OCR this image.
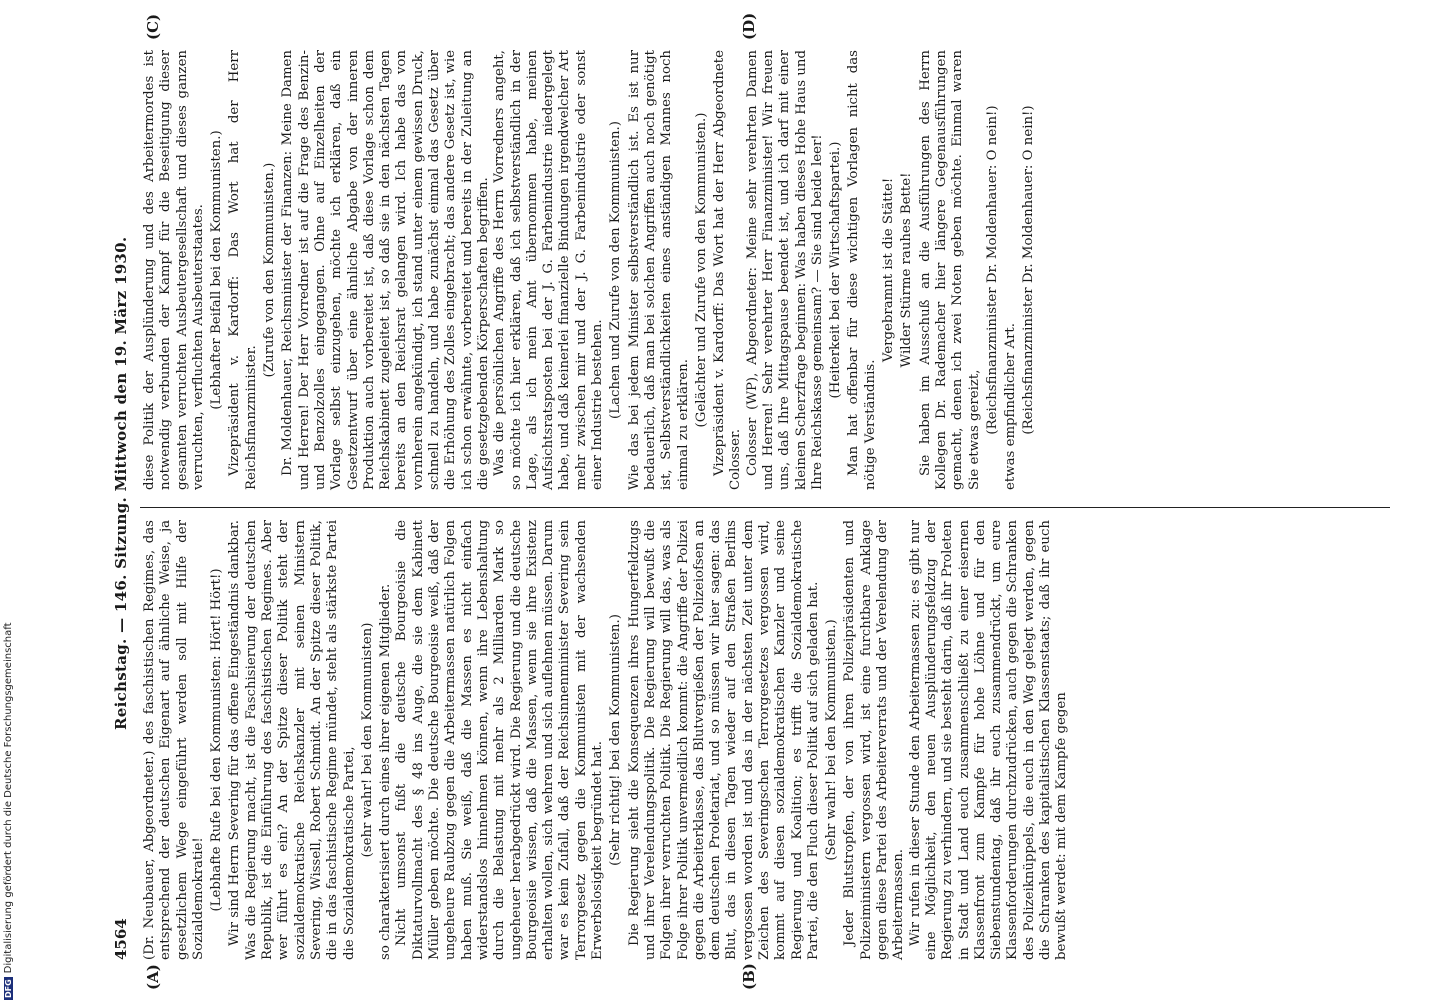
4564
Reichstag. — 146. Sitzung. Mittwoch den 19. März 1930.
(A)	(B)
(C)	(D)

(Dr. Neubauer, Abgeordneter.) des faschistischen Regimes, das entsprechend der deutschen Eigenart auf ähnliche Weise, ja gesetzlichem Wege eingeführt werden soll mit Hilfe der Sozialdemokratie! (Lebhafte Rufe bei den Kommunisten: Hört! Hört!) Wir sind Herrn Severing für das offene Eingeständnis dankbar. Was die Regierung macht, ist die Faschisierung der deutschen Republik, ist die Einführung des faschistischen Regimes. Aber wer führt es ein? An der Spitze dieser Politik steht der sozialdemokratische Reichskanzler mit seinen Ministern Severing, Wissell, Robert Schmidt. An der Spitze dieser Politik, die in das faschistische Regime mündet, steht als stärkste Partei die Sozialdemokratische Partei, (sehr wahr! bei den Kommunisten) so charakterisiert durch eines ihrer eigenen Mitglieder. Nicht umsonst fußt die deutsche Bourgeoisie die Diktaturvollmacht des § 48 ins Auge, die sie dem Kabinett Müller geben möchte. Die deutsche Bourgeoisie weiß, daß der ungeheure Raubzug gegen die Arbeitermassen natürlich Folgen haben muß. Sie weiß, daß die Massen es nicht einfach widerstandslos hinnehmen können, wenn ihre Lebenshaltung durch die Belastung mit mehr als 2 Milliarden Mark so ungeheuer herabgedrückt wird. Die Regierung und die deutsche Bourgeoisie wissen, daß die Massen, wenn sie ihre Existenz erhalten wollen, sich wehren und sich auflehnen müssen. Darum war es kein Zufall, daß der Reichsinnenminister Severing sein Terrorgesetz gegen die Kommunisten mit der wachsenden Erwerbslosigkeit begründet hat. (Sehr richtig! bei den Kommunisten.) Die Regierung sieht die Konsequenzen ihres Hungerfeldzugs und ihrer Verelendungspolitik. Die Regierung will bewußt die Folgen ihrer verruchten Politik. Die Regierung will das, was als Folge ihrer Politik unvermeidlich kommt: die Angriffe der Polizei gegen die Arbeiterklasse, das Blutvergießen der Polizeiofsen an dem deutschen Proletariat, und so müssen wir hier sagen: das Blut, das in diesen Tagen wieder auf den Straßen Berlins vergossen worden ist und das in der nächsten Zeit unter dem Zeichen des Severingschen Terrorgesetzes vergossen wird, kommt auf diesen sozialdemokratischen Kanzler und seine Regierung und Koalition; es trifft die Sozialdemokratische Partei, die den Fluch dieser Politik auf sich geladen hat. (Sehr wahr! bei den Kommunisten.) Jeder Blutstropfen, der von ihren Polizeipräsidenten und Polizeiministern vergossen wird, ist eine furchtbare Anklage gegen diese Partei des Arbeiterverrats und der Verelendung der Arbeitermassen. Wir rufen in dieser Stunde den Arbeitermassen zu: es gibt nur eine Möglichkeit, den neuen Ausplünderungsfeldzug der Regierung zu verhindern, und sie besteht darin, daß ihr Proleten in Stadt und Land euch zusammenschließt zu einer eisernen Klassenfront zum Kampfe für hohe Löhne und für den Siebenstundentag, daß ihr euch zusammendrückt, um eure Klassenforderungen durchzudrücken, auch gegen die Schranken des Polizeiknüppels, die euch in den Weg gelegt werden, gegen die Schranken des kapitalistischen Klassenstaats; daß ihr euch bewußt werdet: mit dem Kampfe gegen

diese Politik der Ausplünderung und des Arbeitermordes ist notwendig verbunden der Kampf für die Beseitigung dieser gesamten verruchten Ausbeutergesellschaft und dieses ganzen verruchten, verfluchten Ausbeuterstaates. (Lebhafter Beifall bei den Kommunisten.) Vizepräsident v. Kardorff: Das Wort hat der Herr Reichsfinanzminister.

(Zurufe von den Kommunisten.) Dr. Moldenhauer, Reichsminister der Finanzen: Meine Damen und Herren! Der Herr Vorredner ist auf die Frage des Benzin- und Benzolzolles eingegangen. Ohne auf Einzelheiten der Vorlage selbst einzugehen, möchte ich erklären, daß ein Gesetzentwurf über eine ähnliche Abgabe von der inneren Produktion auch vorbereitet ist, daß diese Vorlage schon dem Reichskabinett zugeleitet ist, so daß sie in den nächsten Tagen bereits an den Reichsrat gelangen wird. Ich habe das von vornherein angekündigt, ich stand unter einem gewissen Druck, schnell zu handeln, und habe zunächst einmal das Gesetz über die Erhöhung des Zolles eingebracht; das andere Gesetz ist, wie ich schon erwähnte, vorbereitet und bereits in der Zuleitung an die gesetzgebenden Körperschaften begriffen. Was die persönlichen Angriffe des Herrn Vorredners angeht, so möchte ich hier erklären, daß ich selbstverständlich in der Lage, als ich mein Amt übernommen habe, meinen Aufsichtsratsposten bei der J. G. Farbenindustrie niedergelegt habe, und daß keinerlei finanzielle Bindungen irgendwelcher Art mehr zwischen mir und der J. G. Farbenindustrie oder sonst einer Industrie bestehen. (Lachen und Zurufe von den Kommunisten.) Wie das bei jedem Minister selbstverständlich ist. Es ist nur bedauerlich, daß man bei solchen Angriffen auch noch genötigt ist, Selbstverständlichkeiten eines anständigen Mannes noch einmal zu erklären. (Gelächter und Zurufe von den Kommunisten.) Vizepräsident v. Kardorff: Das Wort hat der Herr Abgeordnete Colosser. Colosser (WP), Abgeordneter: Meine sehr verehrten Damen und Herren! Sehr verehrter Herr Finanzminister! Wir freuen uns, daß Ihre Mittagspause beendet ist, und ich darf mit einer kleinen Scherzfrage beginnen: Was haben dieses Hohe Haus und Ihre Reichskasse gemeinsam? — Sie sind beide leer! (Heiterkeit bei der Wirtschaftspartei.) Man hat offenbar für diese wichtigen Vorlagen nicht das nötige Verständnis.

Vergebramnt ist die Stätte! Wilder Stürme rauhes Bette! Sie haben im Ausschuß an die Ausführungen des Herrn Kollegen Dr. Rademacher hier längere Gegenausführungen gemacht, denen ich zwei Noten geben möchte. Einmal waren Sie etwas gereizt, (Reichsfinanzminister Dr. Moldenhauer: O nein!) etwas empfindlicher Art. (Reichsfinanzminister Dr. Moldenhauer: O nein!)

DFGDigitalisierung gefördert durch die Deutsche Forschungsgemeinschaft
